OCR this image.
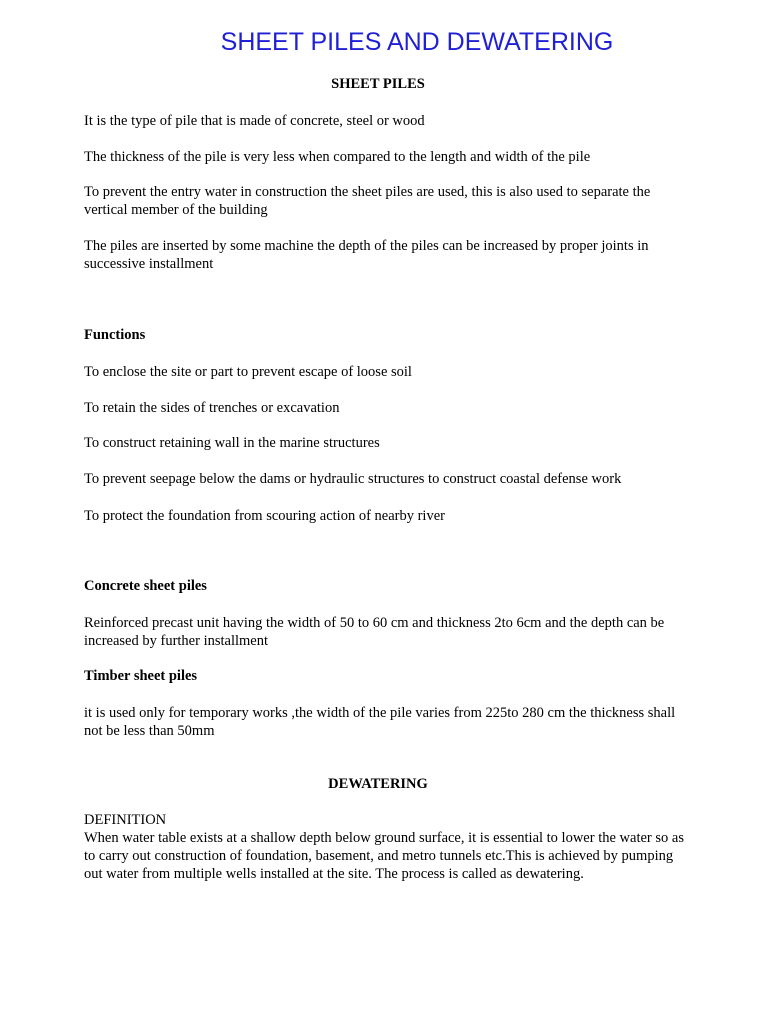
SHEET PILES AND DEWATERING
SHEET PILES
It is the type of pile that is made of concrete, steel or wood
The thickness of the pile is very less when compared to the length and width of the pile
To prevent the entry water in construction the sheet piles are used, this is also used to separate the vertical member of the building
The piles are inserted by some machine the depth of the piles can be increased by proper joints in successive installment
Functions
To enclose the site or part to prevent escape of loose soil
To retain the sides of trenches or excavation
To construct retaining wall in the marine structures
To prevent seepage below the dams or hydraulic structures to construct coastal defense work
To protect the foundation from scouring action of nearby river
Concrete sheet piles
Reinforced precast unit having the width of 50 to 60 cm and thickness 2to 6cm and the depth can be increased by further installment
Timber sheet piles
it is used only for temporary works ,the width of the pile varies from 225to 280 cm the thickness shall not be less than 50mm
DEWATERING
DEFINITION
When water table exists at a shallow depth below ground surface, it is essential to lower the water so as to carry out construction of foundation, basement, and metro tunnels etc.This is achieved by pumping out water from multiple wells installed at the site. The process is called as dewatering.
